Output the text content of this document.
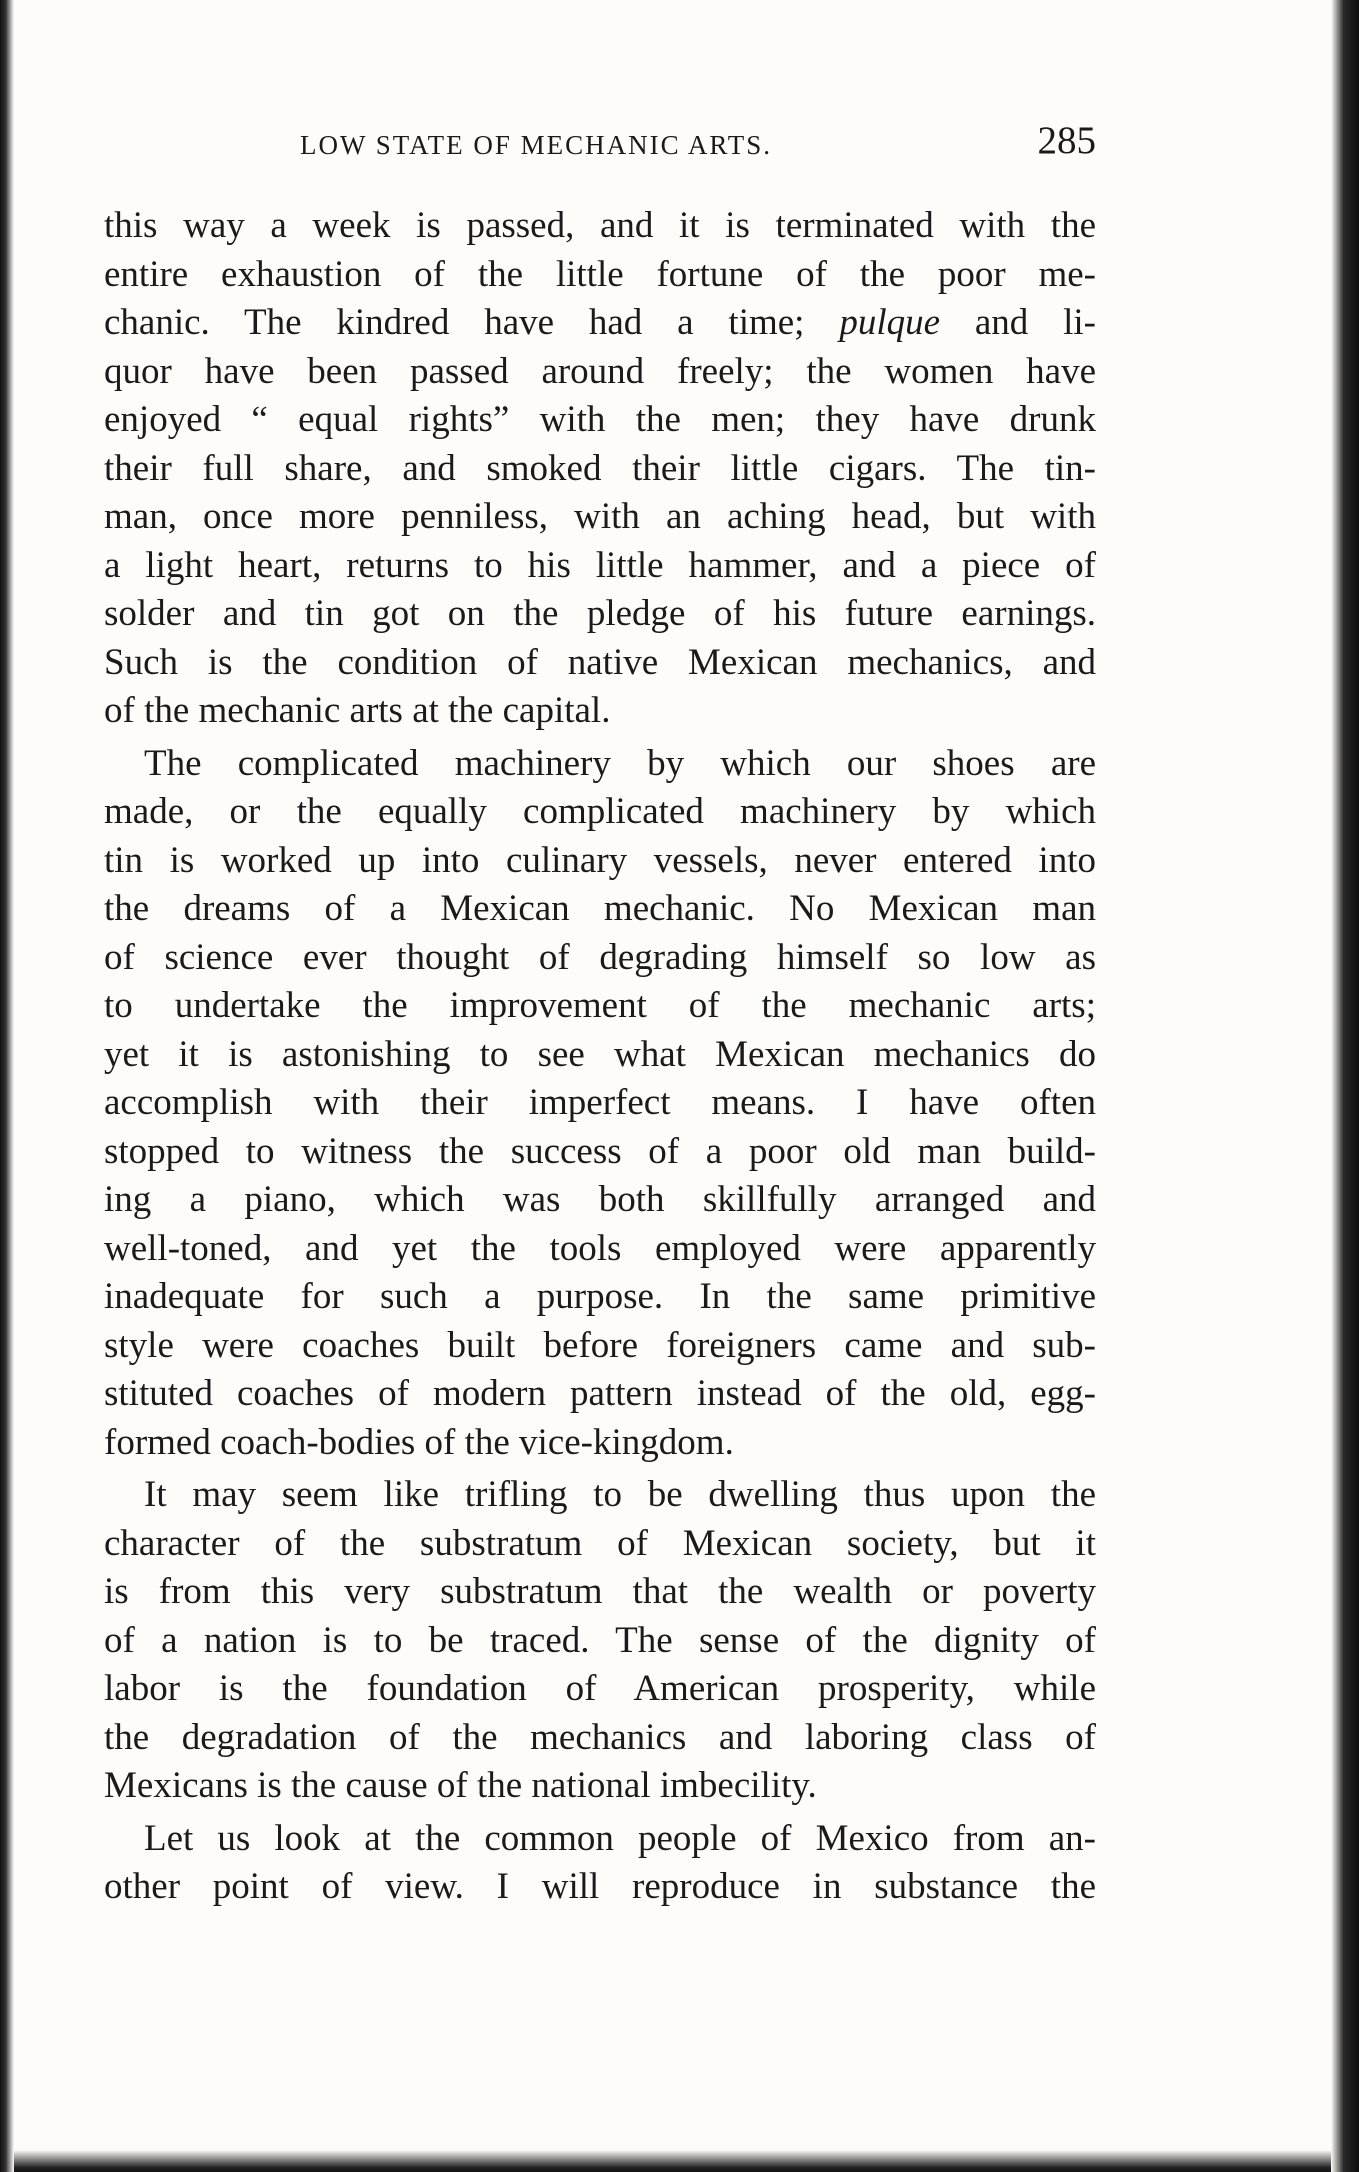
LOW STATE OF MECHANIC ARTS.	285
this way a week is passed, and it is terminated with the
entire exhaustion of the little fortune of the poor me-
chanic. The kindred have had a time; pulque and li-
quor have been passed around freely; the women have
enjoyed “ equal rights” with the men; they have drunk
their full share, and smoked their little cigars. The tin-
man, once more penniless, with an aching head, but with
a light heart, returns to his little hammer, and a piece of
solder and tin got on the pledge of his future earnings.
Such is the condition of native Mexican mechanics, and
of the mechanic arts at the capital.
The complicated machinery by which our shoes are
made, or the equally complicated machinery by which
tin is worked up into culinary vessels, never entered into
the dreams of a Mexican mechanic. No Mexican man
of science ever thought of degrading himself so low as
to undertake the improvement of the mechanic arts;
yet it is astonishing to see what Mexican mechanics do
accomplish with their imperfect means. I have often
stopped to witness the success of a poor old man build-
ing a piano, which was both skillfully arranged and
well-toned, and yet the tools employed were apparently
inadequate for such a purpose. In the same primitive
style were coaches built before foreigners came and sub-
stituted coaches of modern pattern instead of the old, egg-
formed coach-bodies of the vice-kingdom.
It may seem like trifling to be dwelling thus upon the
character of the substratum of Mexican society, but it
is from this very substratum that the wealth or poverty
of a nation is to be traced. The sense of the dignity of
labor is the foundation of American prosperity, while
the degradation of the mechanics and laboring class of
Mexicans is the cause of the national imbecility.
Let us look at the common people of Mexico from an-
other point of view. I will reproduce in substance the
